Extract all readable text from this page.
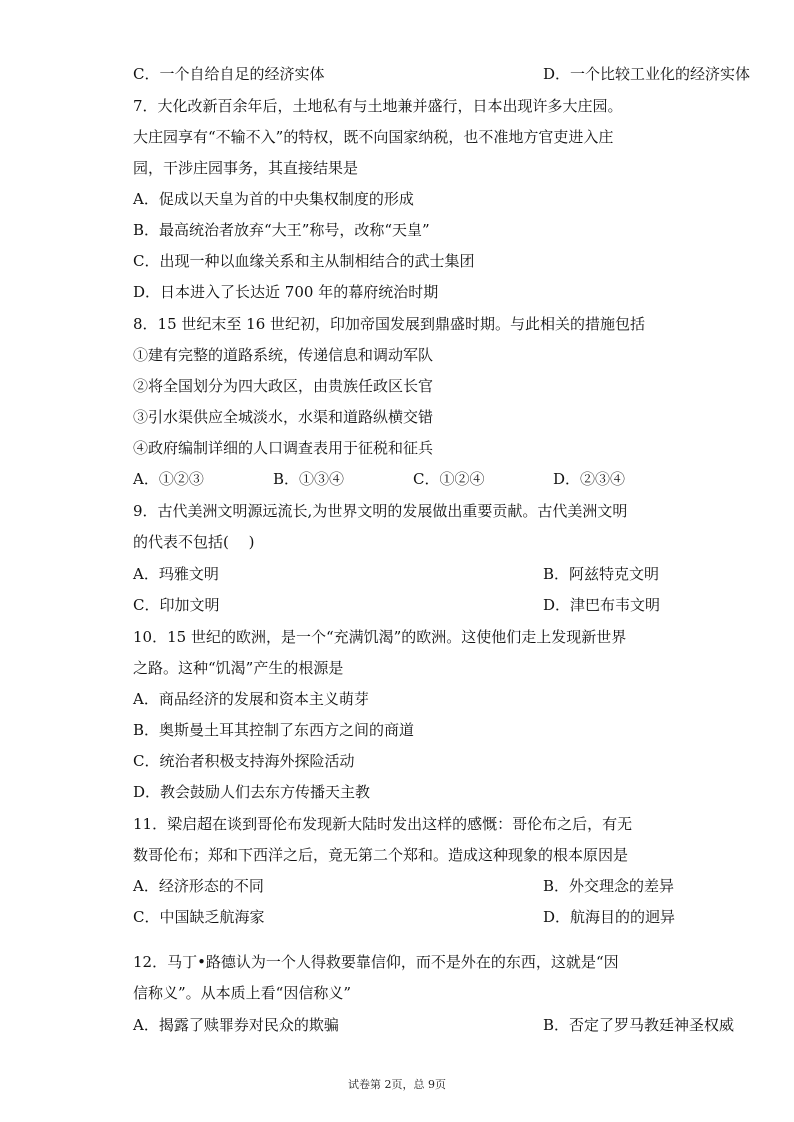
C．一个自给自足的经济实体	D．一个比较工业化的经济实体
7．大化改新百余年后，土地私有与土地兼并盛行，日本出现许多大庄园。
大庄园享有“不输不入”的特权，既不向国家纳税，也不准地方官吏进入庄
园，干涉庄园事务，其直接结果是
A．促成以天皇为首的中央集权制度的形成
B．最高统治者放弃“大王”称号，改称“天皇”
C．出现一种以血缘关系和主从制相结合的武士集团
D．日本进入了长达近 700 年的幕府统治时期
8．15 世纪末至 16 世纪初，印加帝国发展到鼎盛时期。与此相关的措施包括
①建有完整的道路系统，传递信息和调动军队
②将全国划分为四大政区，由贵族任政区长官
③引水渠供应全城淡水，水渠和道路纵横交错
④政府编制详细的人口调查表用于征税和征兵
A．①②③	B．①③④	C．①②④	D．②③④
9．古代美洲文明源远流长,为世界文明的发展做出重要贡献。古代美洲文明
的代表不包括(　 )
A．玛雅文明	B．阿兹特克文明
C．印加文明	D．津巴布韦文明
10．15 世纪的欧洲，是一个“充满饥渴”的欧洲。这使他们走上发现新世界
之路。这种“饥渴”产生的根源是
A．商品经济的发展和资本主义萌芽
B．奥斯曼土耳其控制了东西方之间的商道
C．统治者积极支持海外探险活动
D．教会鼓励人们去东方传播天主教
11．梁启超在谈到哥伦布发现新大陆时发出这样的感慨：哥伦布之后，有无
数哥伦布；郑和下西洋之后，竟无第二个郑和。造成这种现象的根本原因是
A．经济形态的不同	B．外交理念的差异
C．中国缺乏航海家	D．航海目的的迥异
12．马丁•路德认为一个人得救要靠信仰，而不是外在的东西，这就是“因
信称义”。从本质上看“因信称义”
A．揭露了赎罪券对民众的欺骗	B．否定了罗马教廷神圣权威
试卷第 2页，总 9页
